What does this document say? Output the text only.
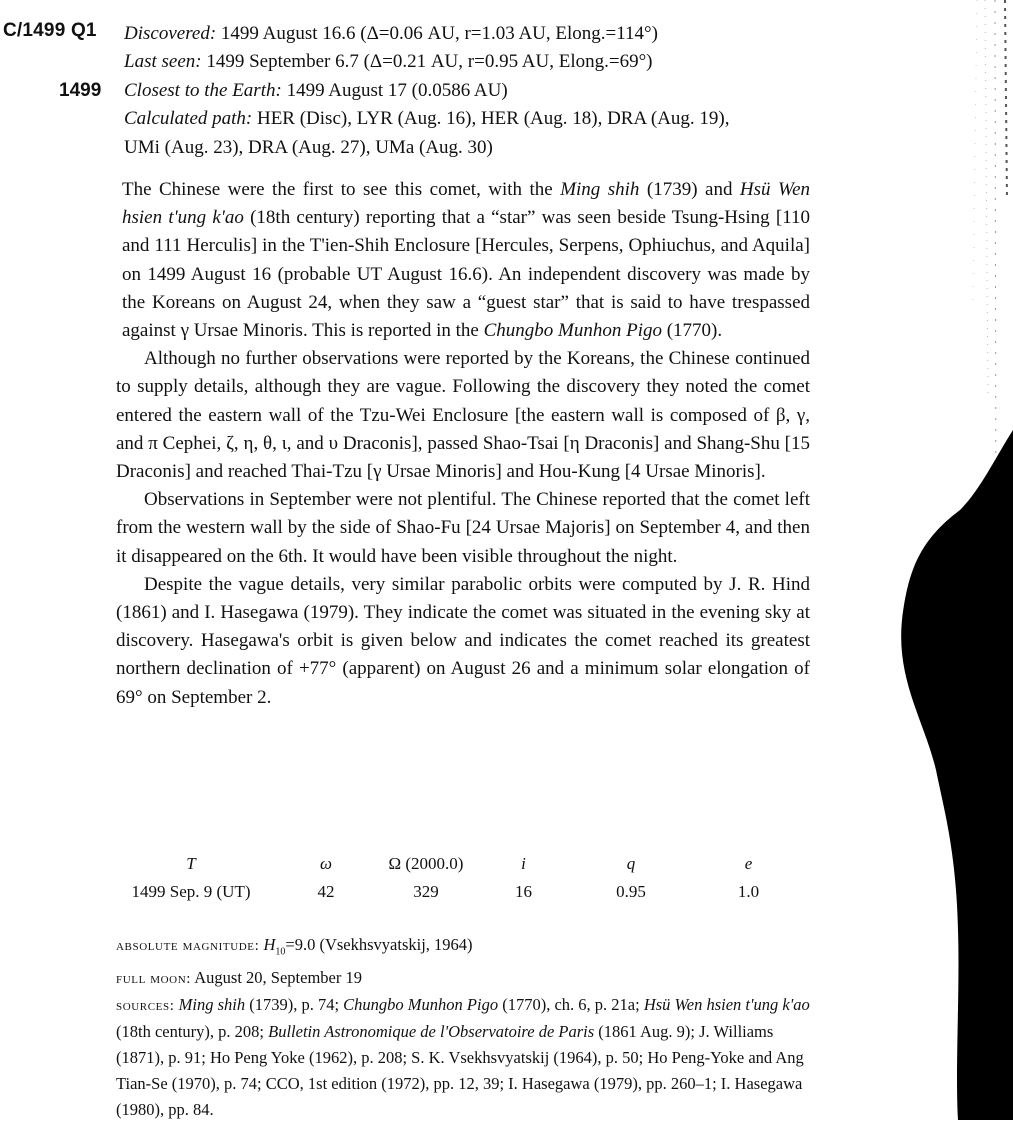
C/1499 Q1
1499
Discovered: 1499 August 16.6 (Δ=0.06 AU, r=1.03 AU, Elong.=114°)
Last seen: 1499 September 6.7 (Δ=0.21 AU, r=0.95 AU, Elong.=69°)
Closest to the Earth: 1499 August 17 (0.0586 AU)
Calculated path: HER (Disc), LYR (Aug. 16), HER (Aug. 18), DRA (Aug. 19),
UMi (Aug. 23), DRA (Aug. 27), UMa (Aug. 30)

The Chinese were the first to see this comet, with the Ming shih (1739) and Hsü Wen hsien t'ung k'ao (18th century) reporting that a “star” was seen beside Tsung-Hsing [110 and 111 Herculis] in the T'ien-Shih Enclosure [Hercules, Serpens, Ophiuchus, and Aquila] on 1499 August 16 (probable UT August 16.6). An independent discovery was made by the Koreans on August 24, when they saw a “guest star” that is said to have trespassed against γ Ursae Minoris. This is reported in the Chungbo Munhon Pigo (1770).

Although no further observations were reported by the Koreans, the Chinese continued to supply details, although they are vague. Following the discovery they noted the comet entered the eastern wall of the Tzu-Wei Enclosure [the eastern wall is composed of β, γ, and π Cephei, ζ, η, θ, ι, and υ Draconis], passed Shao-Tsai [η Draconis] and Shang-Shu [15 Draconis] and reached Thai-Tzu [γ Ursae Minoris] and Hou-Kung [4 Ursae Minoris].

Observations in September were not plentiful. The Chinese reported that the comet left from the western wall by the side of Shao-Fu [24 Ursae Majoris] on September 4, and then it disappeared on the 6th. It would have been visible throughout the night.

Despite the vague details, very similar parabolic orbits were computed by J. R. Hind (1861) and I. Hasegawa (1979). They indicate the comet was situated in the evening sky at discovery. Hasegawa's orbit is given below and indicates the comet reached its greatest northern declination of +77° (apparent) on August 26 and a minimum solar elongation of 69° on September 2.

T	ω	Ω (2000.0)	i	q	e
1499 Sep. 9 (UT)	42	329	16	0.95	1.0

absolute magnitude: $H_{10}=9.0$ (Vsekhsvyatskij, 1964)

full moon: August 20, September 19

sources: Ming shih (1739), p. 74; Chungbo Munhon Pigo (1770), ch. 6, p. 21a; Hsü Wen hsien t'ung k'ao (18th century), p. 208; Bulletin Astronomique de l'Observatoire de Paris (1861 Aug. 9); J. Williams (1871), p. 91; Ho Peng Yoke (1962), p. 208; S. K. Vsekhsvyatskij (1964), p. 50; Ho Peng-Yoke and Ang Tian-Se (1970), p. 74; CCO, 1st edition (1972), pp. 12, 39; I. Hasegawa (1979), pp. 260–1; I. Hasegawa (1980), pp. 84.
